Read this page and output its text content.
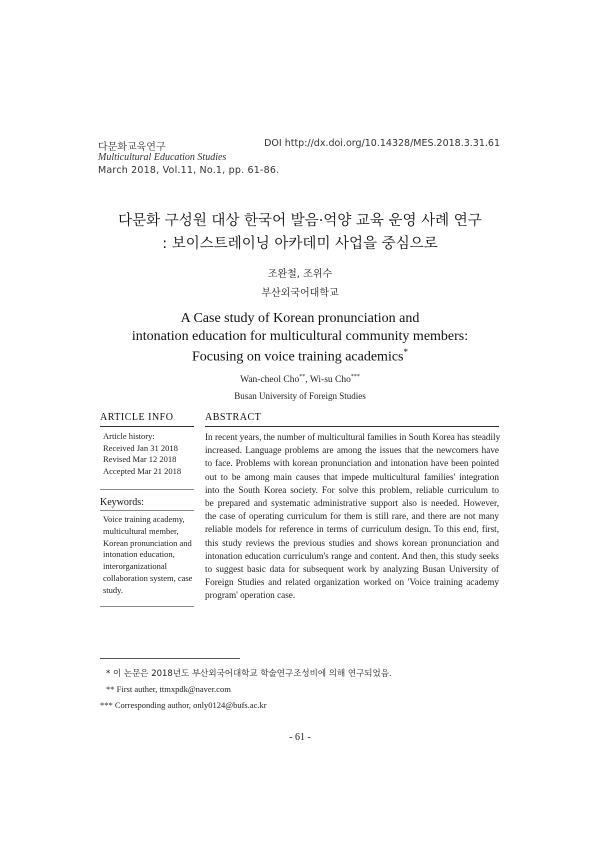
다문화교육연구
Multicultural Education Studies
March 2018, Vol.11, No.1, pp. 61-86.
DOI http://dx.doi.org/10.14328/MES.2018.3.31.61
다문화 구성원 대상 한국어 발음·억양 교육 운영 사례 연구
: 보이스트레이닝 아카데미 사업을 중심으로
조완철, 조위수
부산외국어대학교
A Case study of Korean pronunciation and
intonation education for multicultural community members:
Focusing on voice training academics*
Wan-cheol Cho**, Wi-su Cho***
Busan University of Foreign Studies
ARTICLE INFO
Article history:
Received Jan 31 2018
Revised Mar 12 2018
Accepted Mar 21 2018
Keywords:
Voice training academy,
multicultural member,
Korean pronunciation and
intonation education,
interorganizational
collaboration system, case
study.
ABSTRACT
In recent years, the number of multicultural families in South Korea has steadily
increased. Language problems are among the issues that the newcomers have
to face. Problems with korean pronunciation and intonation have been pointed
out to be among main causes that impede multicultural families' integration
into the South Korea society. For solve this problem, reliable curriculum to
be prepared and systematic administrative support also is needed. However,
the case of operating curriculum for them is still rare, and there are not many
reliable models for reference in terms of curriculum design. To this end, first,
this study reviews the previous studies and shows korean pronunciation and
intonation education curriculum's range and content. And then, this study seeks
to suggest basic data for subsequent work by analyzing Busan University of
Foreign Studies and related organization worked on 'Voice training academy
program' operation case.
* 이 논문은 2018년도 부산외국어대학교 학술연구조성비에 의해 연구되었음.
** First auther, ttmxpdk@naver.com
*** Corresponding author, only0124@bufs.ac.kr
- 61 -
